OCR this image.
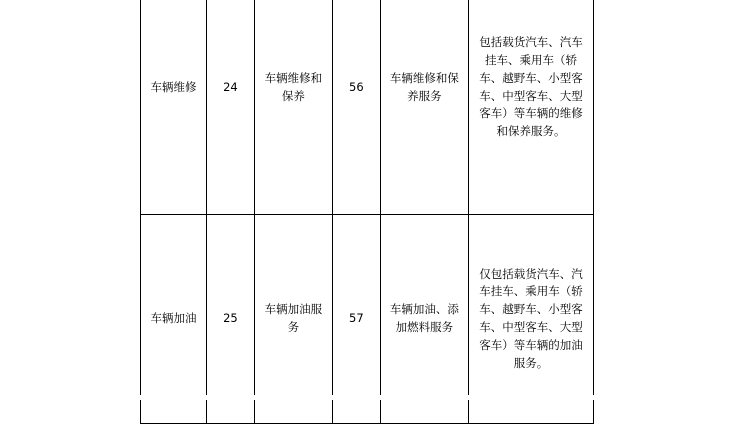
车辆维修	24	车辆维修和保养	56	车辆维修和保养服务	包括载货汽车、汽车挂车、乘用车（轿车、越野车、小型客车、中型客车、大型客车）等车辆的维修和保养服务。
车辆加油	25	车辆加油服务	57	车辆加油、添加燃料服务	仅包括载货汽车、汽车挂车、乘用车（轿车、越野车、小型客车、中型客车、大型客车）等车辆的加油服务。
